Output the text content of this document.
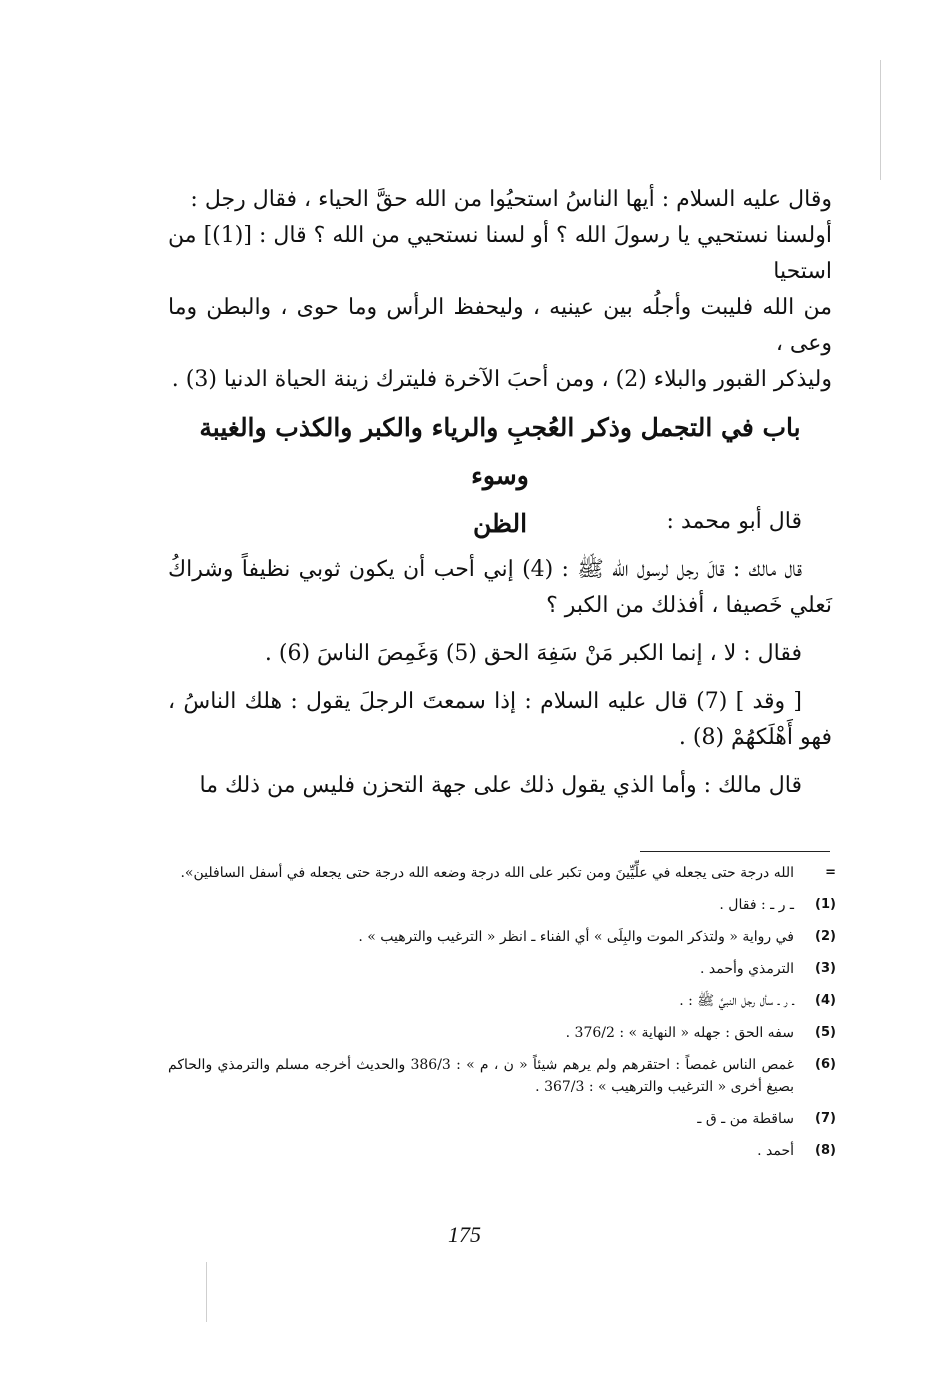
وقال عليه السلام : أيها الناسُ استحيُوا من الله حقَّ الحياء ، فقال رجل :

أولسنا نستحيي يا رسولَ الله ؟ أو لسنا نستحيي من الله ؟ قال : [(1)] من استحيا

من الله فليبت وأجلُه بين عينيه ، وليحفظ الرأس وما حوى ، والبطن وما وعى ،

وليذكر القبور والبلاء (2) ، ومن أحبَ الآخرة فليترك زينة الحياة الدنيا (3) .

باب في التجمل وذكر العُجبِ والرياء والكبر والكذب والغيبة وسوء
الظن	قال أبو محمد :

قال مالك : قالَ رجل لرسول الله ﷺ : (4) إني أحب أن يكون ثوبي نظيفاً وشراكُ نَعلي خَصيفا ، أفذلك من الكبر ؟

فقال : لا ، إنما الكبر مَنْ سَفِهَ الحق (5) وَغَمِصَ الناسَ (6) .

[ وقد ] (7) قال عليه السلام : إذا سمعتَ الرجلَ يقول : هلك الناسُ ، فهو أَهْلَكهُمْ (8) .

قال مالك : وأما الذي يقول ذلك على جهة التحزن فليس من ذلك ما

=
الله درجة حتى يجعله في علِّيِّينَ ومن تكبر على الله درجة وضعه الله درجة حتى يجعله في أسفل السافلين».
(1)
ـ ر ـ : فقال .
(2)
في رواية « ولتذكر الموت والبِلَى » أي الفناء ـ انظر « الترغيب والترهيب » .
(3)
الترمذي وأحمد .
(4)
ـ ر ـ سأل رجل النبيَّ ﷺ : .
(5)
سفه الحق : جهله « النهاية » : 376/2 .
(6)
غمص الناس غمصاً : احتقرهم ولم يرهم شيئاً « ن ، م » : 386/3 والحديث أخرجه مسلم والترمذي والحاكم بصيغ أخرى « الترغيب والترهيب » : 367/3 .
(7)
ساقطة من ـ ق ـ
(8)
أحمد .
175
